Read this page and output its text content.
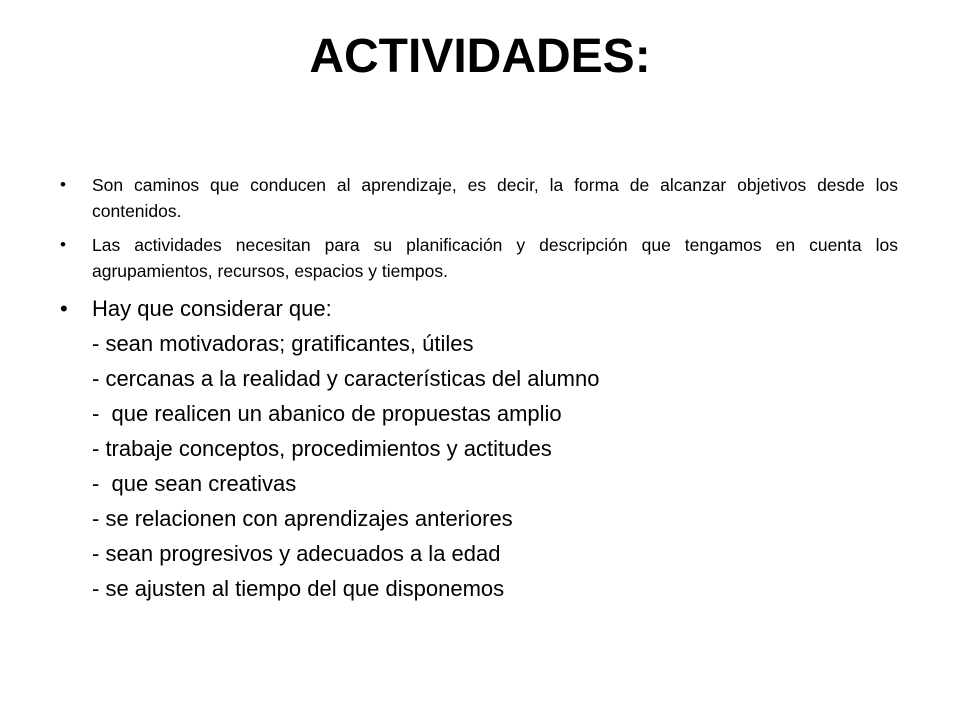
ACTIVIDADES:
• Son caminos que conducen al aprendizaje, es decir, la forma de alcanzar objetivos desde los contenidos.
• Las actividades necesitan para su planificación y descripción que tengamos en cuenta los agrupamientos, recursos, espacios y tiempos.
• Hay que considerar que:
- sean motivadoras; gratificantes, útiles
- cercanas a la realidad y características del alumno
-  que realicen un abanico de propuestas amplio
- trabaje conceptos, procedimientos y actitudes
-  que sean creativas
- se relacionen con aprendizajes anteriores
- sean progresivos y adecuados a la edad
- se ajusten al tiempo del que disponemos
